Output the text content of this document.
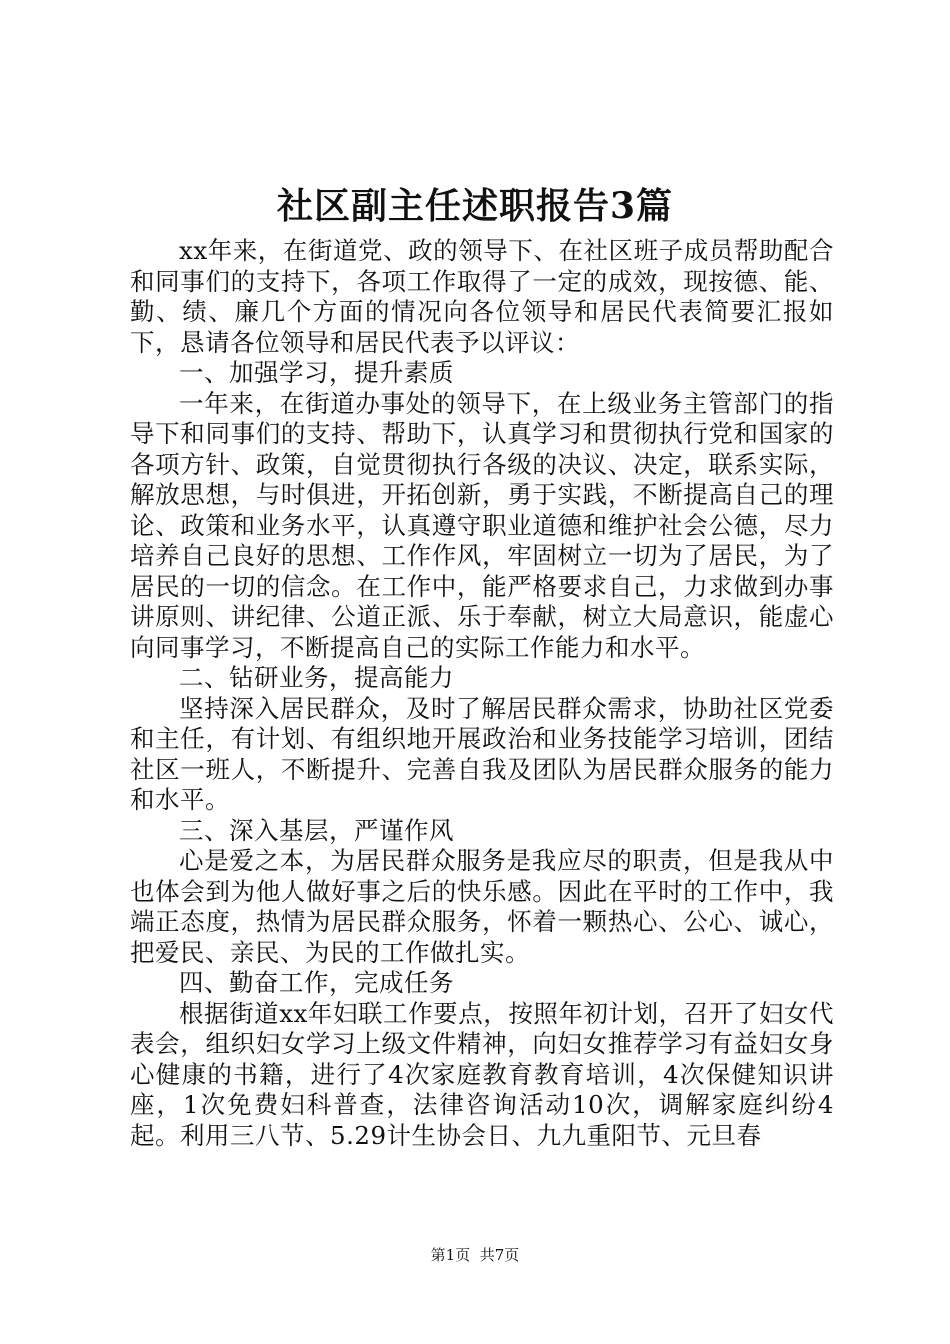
社区副主任述职报告3篇

xx年来，在街道党、政的领导下、在社区班子成员帮助配合和同事们的支持下，各项工作取得了一定的成效，现按德、能、勤、绩、廉几个方面的情况向各位领导和居民代表简要汇报如下，恳请各位领导和居民代表予以评议：

一、加强学习，提升素质

一年来，在街道办事处的领导下，在上级业务主管部门的指导下和同事们的支持、帮助下，认真学习和贯彻执行党和国家的各项方针、政策，自觉贯彻执行各级的决议、决定，联系实际，解放思想，与时俱进，开拓创新，勇于实践，不断提高自己的理论、政策和业务水平，认真遵守职业道德和维护社会公德，尽力培养自己良好的思想、工作作风，牢固树立一切为了居民，为了居民的一切的信念。在工作中，能严格要求自己，力求做到办事讲原则、讲纪律、公道正派、乐于奉献，树立大局意识，能虚心向同事学习，不断提高自己的实际工作能力和水平。

二、钻研业务，提高能力

坚持深入居民群众，及时了解居民群众需求，协助社区党委和主任，有计划、有组织地开展政治和业务技能学习培训，团结社区一班人，不断提升、完善自我及团队为居民群众服务的能力和水平。

三、深入基层，严谨作风

心是爱之本，为居民群众服务是我应尽的职责，但是我从中也体会到为他人做好事之后的快乐感。因此在平时的工作中，我端正态度，热情为居民群众服务，怀着一颗热心、公心、诚心，把爱民、亲民、为民的工作做扎实。

四、勤奋工作，完成任务

根据街道xx年妇联工作要点，按照年初计划，召开了妇女代表会，组织妇女学习上级文件精神，向妇女推荐学习有益妇女身心健康的书籍，进行了4次家庭教育教育培训，4次保健知识讲座，1次免费妇科普查，法律咨询活动10次，调解家庭纠纷4起。利用三八节、5.29计生协会日、九九重阳节、元旦春

第1页 共7页
